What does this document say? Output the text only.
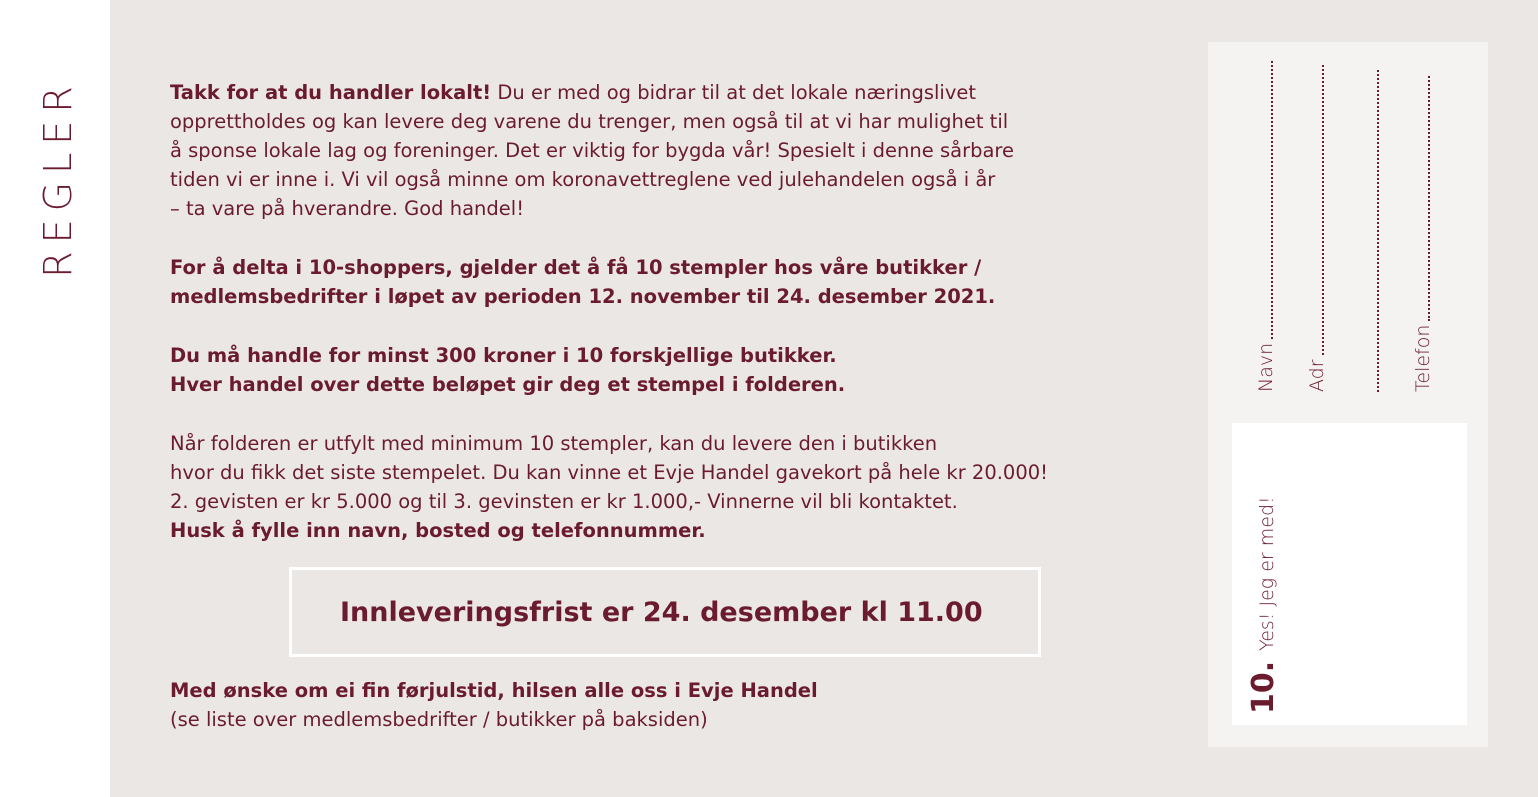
REGLER	Takk for at du handler lokalt! Du er med og bidrar til at det lokale næringslivet
opprettholdes og kan levere deg varene du trenger, men også til at vi har mulighet til
å sponse lokale lag og foreninger. Det er viktig for bygda vår! Spesielt i denne sårbare
tiden vi er inne i. Vi vil også minne om koronavettreglene ved julehandelen også i år
– ta vare på hverandre. God handel!
For å delta i 10-shoppers, gjelder det å få 10 stempler hos våre butikker /
medlemsbedrifter i løpet av perioden 12. november til 24. desember 2021.
Du må handle for minst 300 kroner i 10 forskjellige butikker.
Hver handel over dette beløpet gir deg et stempel i folderen.
Når folderen er utfylt med minimum 10 stempler, kan du levere den i butikken
hvor du fikk det siste stempelet. Du kan vinne et Evje Handel gavekort på hele kr 20.000!
2. gevisten er kr 5.000 og til 3. gevinsten er kr 1.000,- Vinnerne vil bli kontaktet.
Husk å fylle inn navn, bosted og telefonnummer.
Innleveringsfrist er 24. desember kl 11.00
Med ønske om ei fin førjulstid, hilsen alle oss i Evje Handel
(se liste over medlemsbedrifter / butikker på baksiden)
Navn Adr	Telefon
10.
Yes! Jeg er med!
